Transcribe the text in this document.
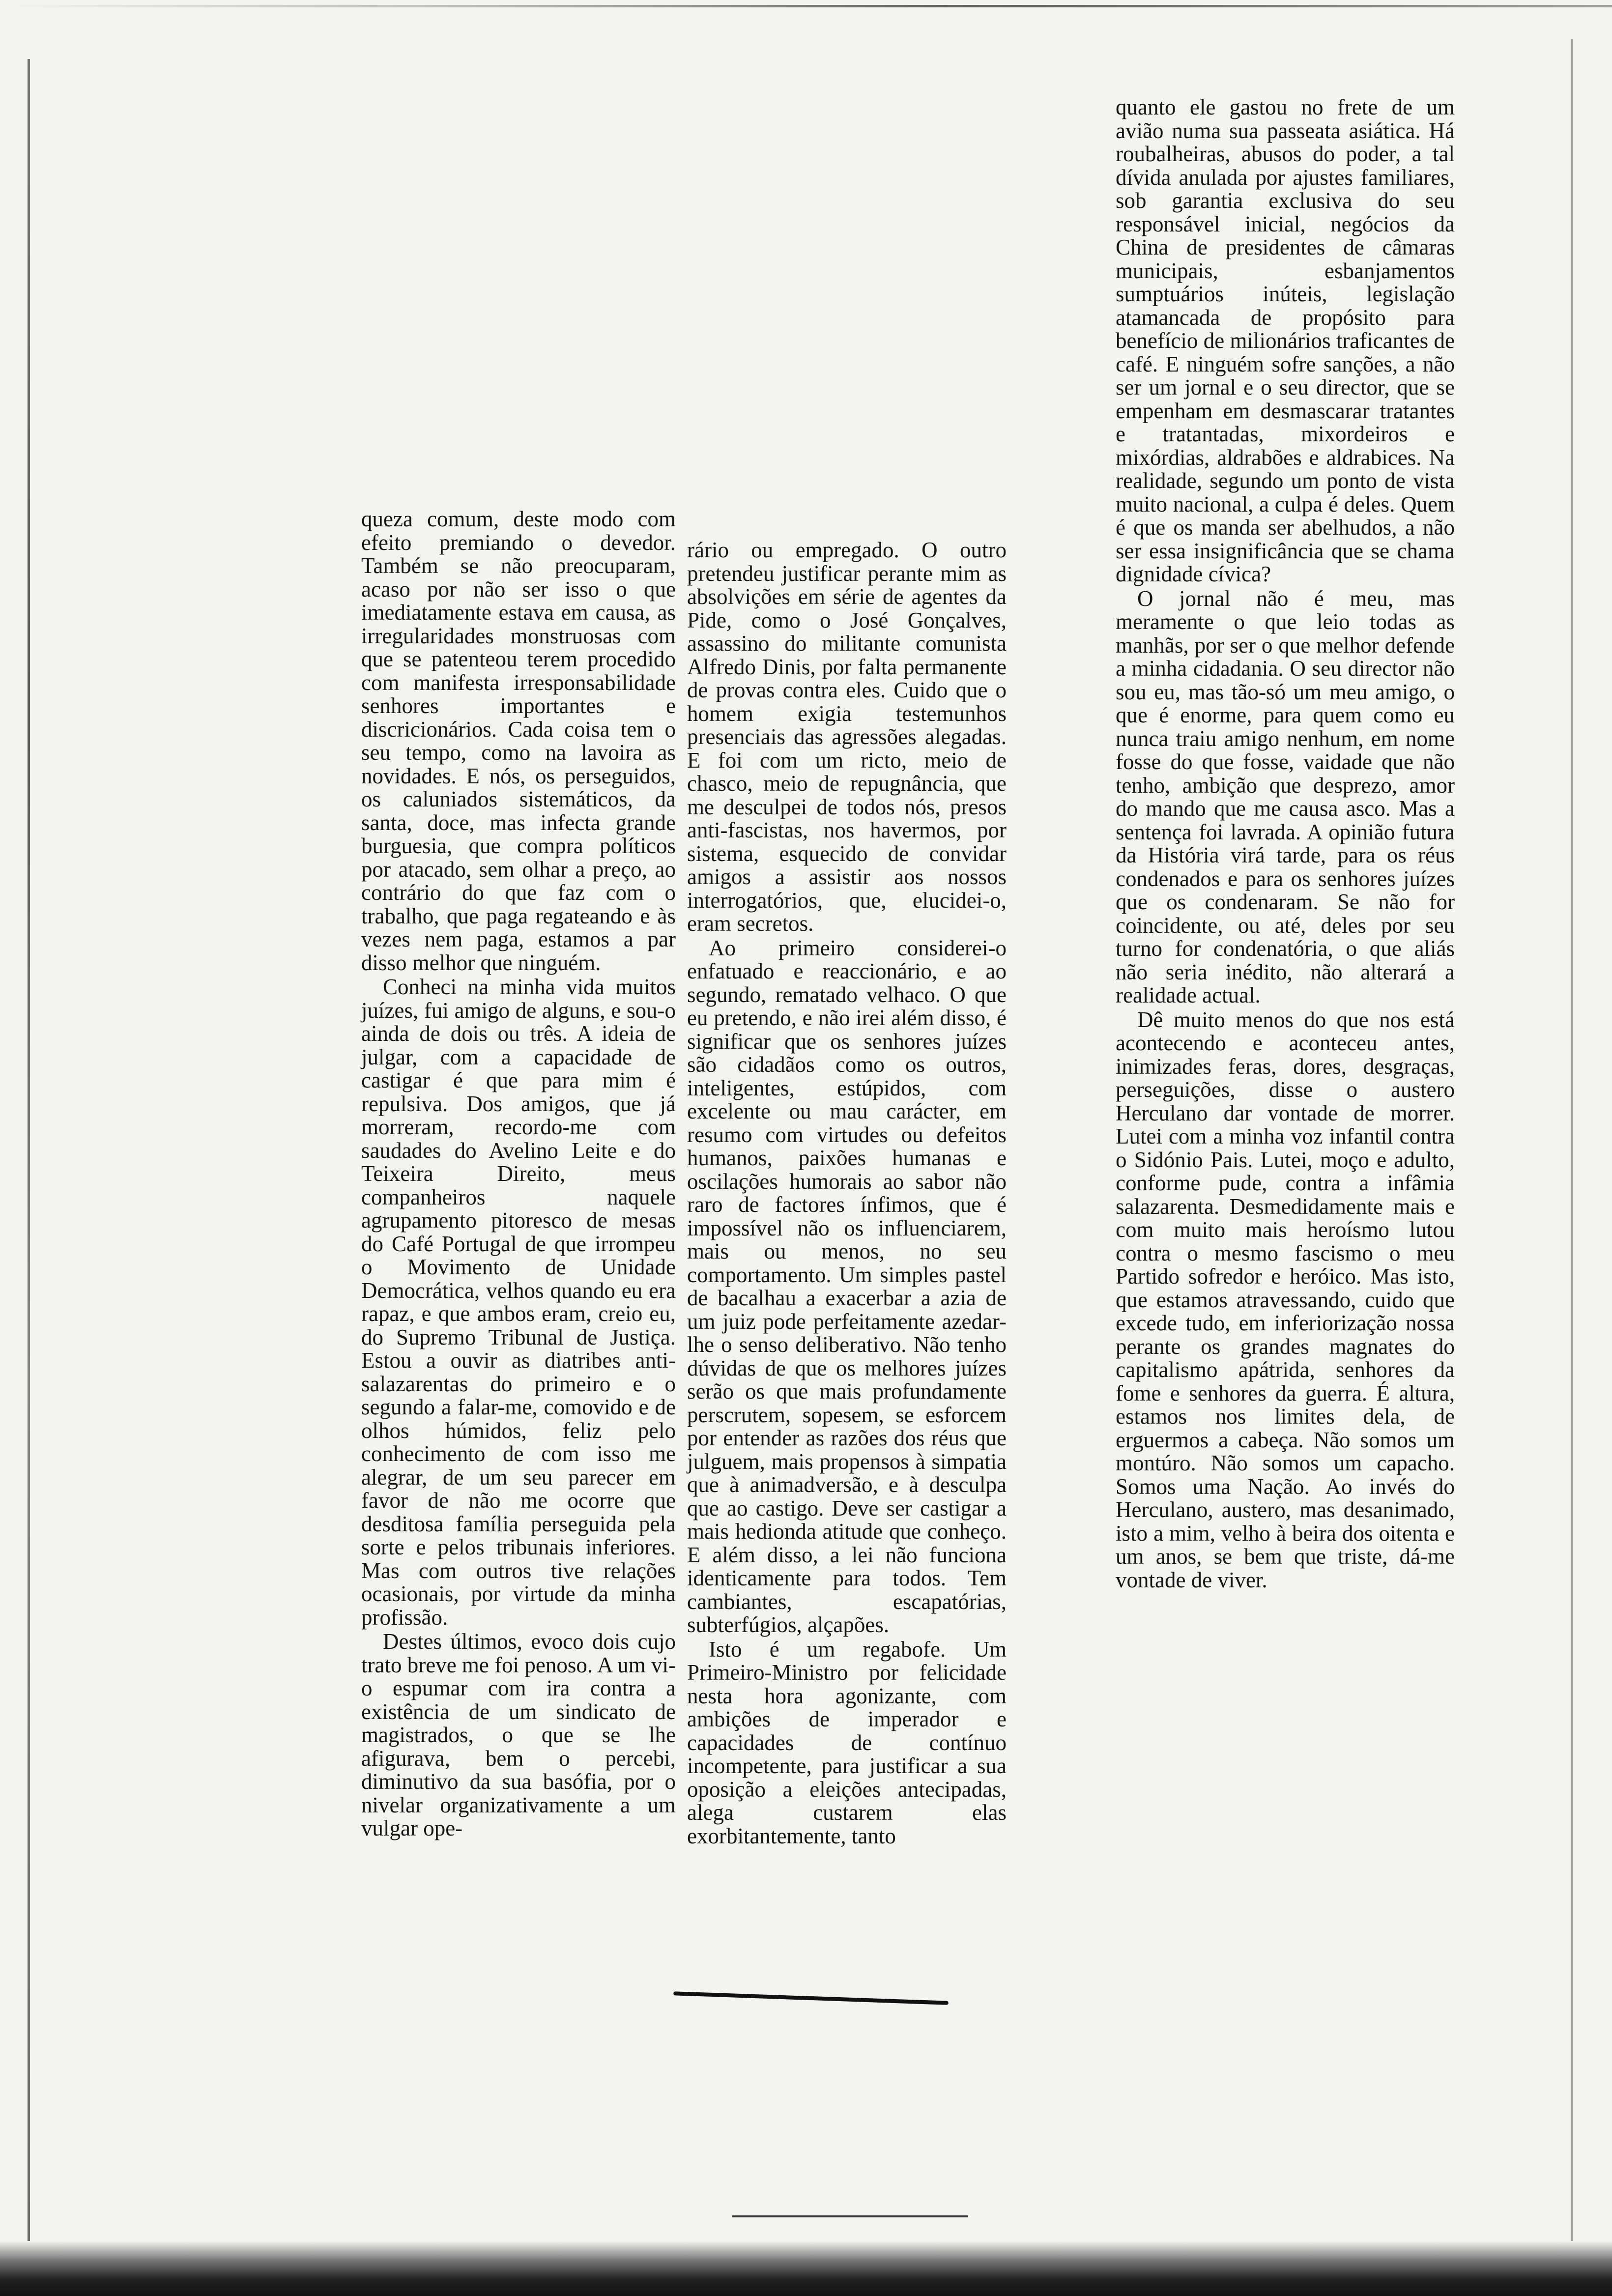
queza comum, deste modo com efeito premiando o devedor. Também se não preocuparam, acaso por não ser isso o que imediatamente estava em causa, as irregularidades monstruosas com que se patenteou terem procedido com manifesta irresponsabilidade senhores importantes e discricionários. Cada coisa tem o seu tempo, como na lavoira as novidades. E nós, os perseguidos, os caluniados sistemáticos, da santa, doce, mas infecta grande burguesia, que compra políticos por atacado, sem olhar a preço, ao contrário do que faz com o trabalho, que paga regateando e às vezes nem paga, estamos a par disso melhor que ninguém.

Conheci na minha vida muitos juízes, fui amigo de alguns, e sou-o ainda de dois ou três. A ideia de julgar, com a capacidade de castigar é que para mim é repulsiva. Dos amigos, que já morreram, recordo-me com saudades do Avelino Leite e do Teixeira Direito, meus companheiros naquele agrupamento pitoresco de mesas do Café Portugal de que irrompeu o Movimento de Unidade Democrática, velhos quando eu era rapaz, e que ambos eram, creio eu, do Supremo Tribunal de Justiça. Estou a ouvir as diatribes anti-salazarentas do primeiro e o segundo a falar-me, comovido e de olhos húmidos, feliz pelo conhecimento de com isso me alegrar, de um seu parecer em favor de não me ocorre que desditosa família perseguida pela sorte e pelos tribunais inferiores. Mas com outros tive relações ocasionais, por virtude da minha profissão.

Destes últimos, evoco dois cujo trato breve me foi penoso. A um vi-o espumar com ira contra a existência de um sindicato de magistrados, o que se lhe afigurava, bem o percebi, diminutivo da sua basófia, por o nivelar organizativamente a um vulgar ope-

rário ou empregado. O outro pretendeu justificar perante mim as absolvições em série de agentes da Pide, como o José Gonçalves, assassino do militante comunista Alfredo Dinis, por falta permanente de provas contra eles. Cuido que o homem exigia testemunhos presenciais das agressões alegadas. E foi com um ricto, meio de chasco, meio de repugnância, que me desculpei de todos nós, presos anti-fascistas, nos havermos, por sistema, esquecido de convidar amigos a assistir aos nossos interrogatórios, que, elucidei-o, eram secretos.

Ao primeiro considerei-o enfatuado e reaccionário, e ao segundo, rematado velhaco. O que eu pretendo, e não irei além disso, é significar que os senhores juízes são cidadãos como os outros, inteligentes, estúpidos, com excelente ou mau carácter, em resumo com virtudes ou defeitos humanos, paixões humanas e oscilações humorais ao sabor não raro de factores ínfimos, que é impossível não os influenciarem, mais ou menos, no seu comportamento. Um simples pastel de bacalhau a exacerbar a azia de um juiz pode perfeitamente azedar-lhe o senso deliberativo. Não tenho dúvidas de que os melhores juízes serão os que mais profundamente perscrutem, sopesem, se esforcem por entender as razões dos réus que julguem, mais propensos à simpatia que à animadversão, e à desculpa que ao castigo. Deve ser castigar a mais hedionda atitude que conheço. E além disso, a lei não funciona identicamente para todos. Tem cambiantes, escapatórias, subterfúgios, alçapões.

Isto é um regabofe. Um Primeiro-Ministro por felicidade nesta hora agonizante, com ambições de imperador e capacidades de contínuo incompetente, para justificar a sua oposição a eleições antecipadas, alega custarem elas exorbitantemente, tanto

quanto ele gastou no frete de um avião numa sua passeata asiática. Há roubalheiras, abusos do poder, a tal dívida anulada por ajustes familiares, sob garantia exclusiva do seu responsável inicial, negócios da China de presidentes de câmaras municipais, esbanjamentos sumptuários inúteis, legislação atamancada de propósito para benefício de milionários traficantes de café. E ninguém sofre sanções, a não ser um jornal e o seu director, que se empenham em desmascarar tratantes e tratantadas, mixordeiros e mixórdias, aldrabões e aldrabices. Na realidade, segundo um ponto de vista muito nacional, a culpa é deles. Quem é que os manda ser abelhudos, a não ser essa insignificância que se chama dignidade cívica?

O jornal não é meu, mas meramente o que leio todas as manhãs, por ser o que melhor defende a minha cidadania. O seu director não sou eu, mas tão-só um meu amigo, o que é enorme, para quem como eu nunca traiu amigo nenhum, em nome fosse do que fosse, vaidade que não tenho, ambição que desprezo, amor do mando que me causa asco. Mas a sentença foi lavrada. A opinião futura da História virá tarde, para os réus condenados e para os senhores juízes que os condenaram. Se não for coincidente, ou até, deles por seu turno for condenatória, o que aliás não seria inédito, não alterará a realidade actual.

Dê muito menos do que nos está acontecendo e aconteceu antes, inimizades feras, dores, desgraças, perseguições, disse o austero Herculano dar vontade de morrer. Lutei com a minha voz infantil contra o Sidónio Pais. Lutei, moço e adulto, conforme pude, contra a infâmia salazarenta. Desmedidamente mais e com muito mais heroísmo lutou contra o mesmo fascismo o meu Partido sofredor e heróico. Mas isto, que estamos atravessando, cuido que excede tudo, em inferiorização nossa perante os grandes magnates do capitalismo apátrida, senhores da fome e senhores da guerra. É altura, estamos nos limites dela, de erguermos a cabeça. Não somos um montúro. Não somos um capacho. Somos uma Nação. Ao invés do Herculano, austero, mas desanimado, isto a mim, velho à beira dos oitenta e um anos, se bem que triste, dá-me vontade de viver.
